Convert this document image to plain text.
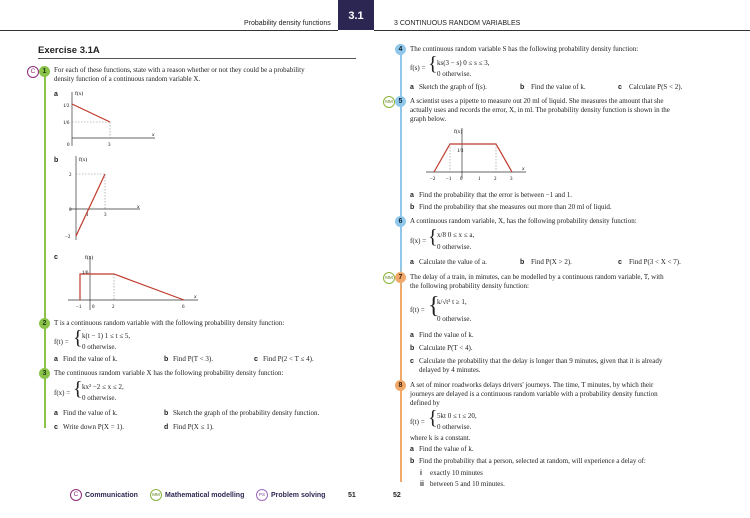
Probability density functions
3.1
3 CONTINUOUS RANDOM VARIABLES
Exercise 3.1A
C	1	For each of these functions, state with a reason whether or not they could be a probability
density function of a continuous random variable X.
a	f(x)
1/2
1/6
3
0
x
b	f(x)
2
0
−2
1	3
x
c	f(x)
1/6
−1 0	2	6
x
2	T is a continuous random variable with the following probability density function:
f(t) = { k(t − 1) 1 ≤ t ≤ 5,
0 otherwise.
a Find the value of k.	b Find P(T < 3).	c Find P(2 < T ≤ 4).
3	The continuous random variable X has the following probability density function:
f(x) = { kx² −2 ≤ x ≤ 2,
0 otherwise.
a Find the value of k.	b Sketch the graph of the probability density function.
c Write down P(X = 1).	d Find P(X ≤ 1).
4	The continuous random variable S has the following probability density function:
f(s) = { ks(3 − s) 0 ≤ s ≤ 3,
0 otherwise.
a Sketch the graph of f(s).	b Find the value of k.	c Calculate P(S < 2).
MM 5	A scientist uses a pipette to measure out 20 ml of liquid. She measures the amount that she
actually uses and records the error, X, in ml. The probability density function is shown in the
graph below.
f(x)
1/3
−2 −1 0	1	2	3
x
a Find the probability that the error is between −1 and 1.
b Find the probability that she measures out more than 20 ml of liquid.
6	A continuous random variable, X, has the following probability density function:
f(x) = { x/8 0 ≤ x ≤ a,
0 otherwise.
a Calculate the value of a.	b Find P(X > 2).	c Find P(3 < X < 7).
MM 7	The delay of a train, in minutes, can be modelled by a continuous random variable, T, with
the following probability density function:
f(t) = {
k/√t³ t ≥ 1,
0 otherwise.
a Find the value of k.
b Calculate P(T < 4).
c Calculate the probability that the delay is longer than 9 minutes, given that it is already
delayed by 4 minutes.
8	A set of minor roadworks delays drivers' journeys. The time, T minutes, by which their
journeys are delayed is a continuous random variable with a probability density function
defined by
f(t) = { 5kt 0 ≤ t ≤ 20,
0 otherwise.
where k is a constant.
a Find the value of k.
b Find the probability that a person, selected at random, will experience a delay of:
i exactly 10 minutes
ii between 5 and 10 minutes.
C Communication	MM Mathematical modelling	PS Problem solving	51	52
